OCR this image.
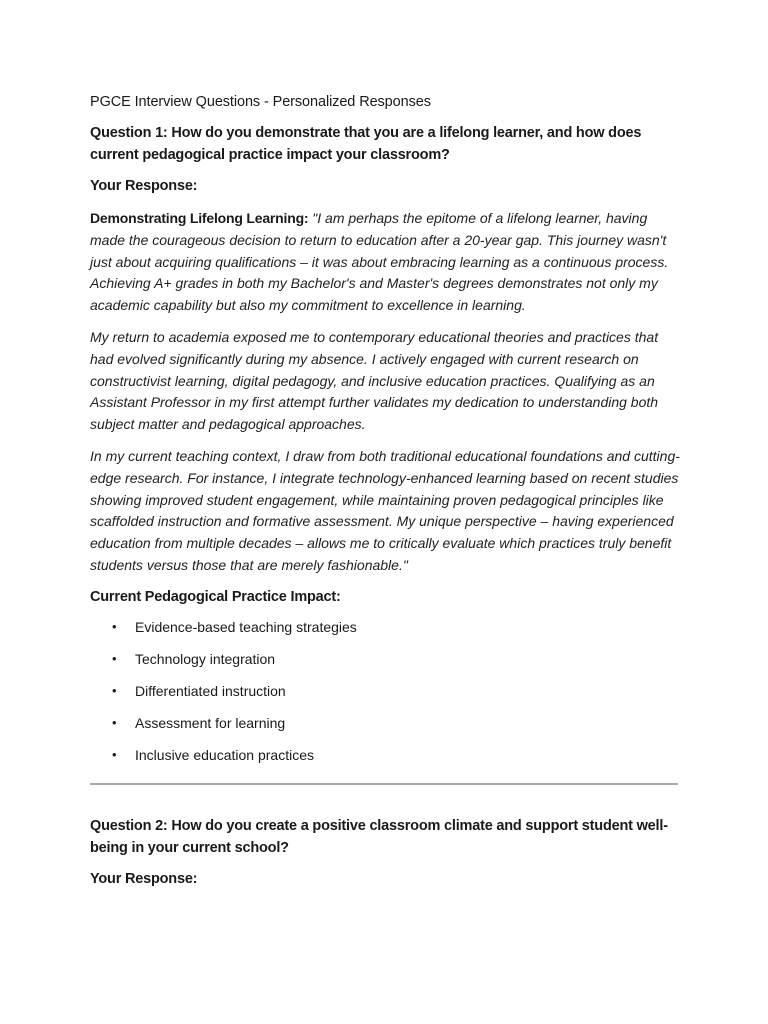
PGCE Interview Questions - Personalized Responses
Question 1: How do you demonstrate that you are a lifelong learner, and how does current pedagogical practice impact your classroom?
Your Response:

Demonstrating Lifelong Learning: "I am perhaps the epitome of a lifelong learner, having made the courageous decision to return to education after a 20-year gap. This journey wasn't just about acquiring qualifications – it was about embracing learning as a continuous process. Achieving A+ grades in both my Bachelor's and Master's degrees demonstrates not only my academic capability but also my commitment to excellence in learning.

My return to academia exposed me to contemporary educational theories and practices that had evolved significantly during my absence. I actively engaged with current research on constructivist learning, digital pedagogy, and inclusive education practices. Qualifying as an Assistant Professor in my first attempt further validates my dedication to understanding both subject matter and pedagogical approaches.

In my current teaching context, I draw from both traditional educational foundations and cutting-edge research. For instance, I integrate technology-enhanced learning based on recent studies showing improved student engagement, while maintaining proven pedagogical principles like scaffolded instruction and formative assessment. My unique perspective – having experienced education from multiple decades – allows me to critically evaluate which practices truly benefit students versus those that are merely fashionable."

Current Pedagogical Practice Impact:
• Evidence-based teaching strategies
• Technology integration
• Differentiated instruction
• Assessment for learning
• Inclusive education practices
Question 2: How do you create a positive classroom climate and support student well-being in your current school?
Your Response:
